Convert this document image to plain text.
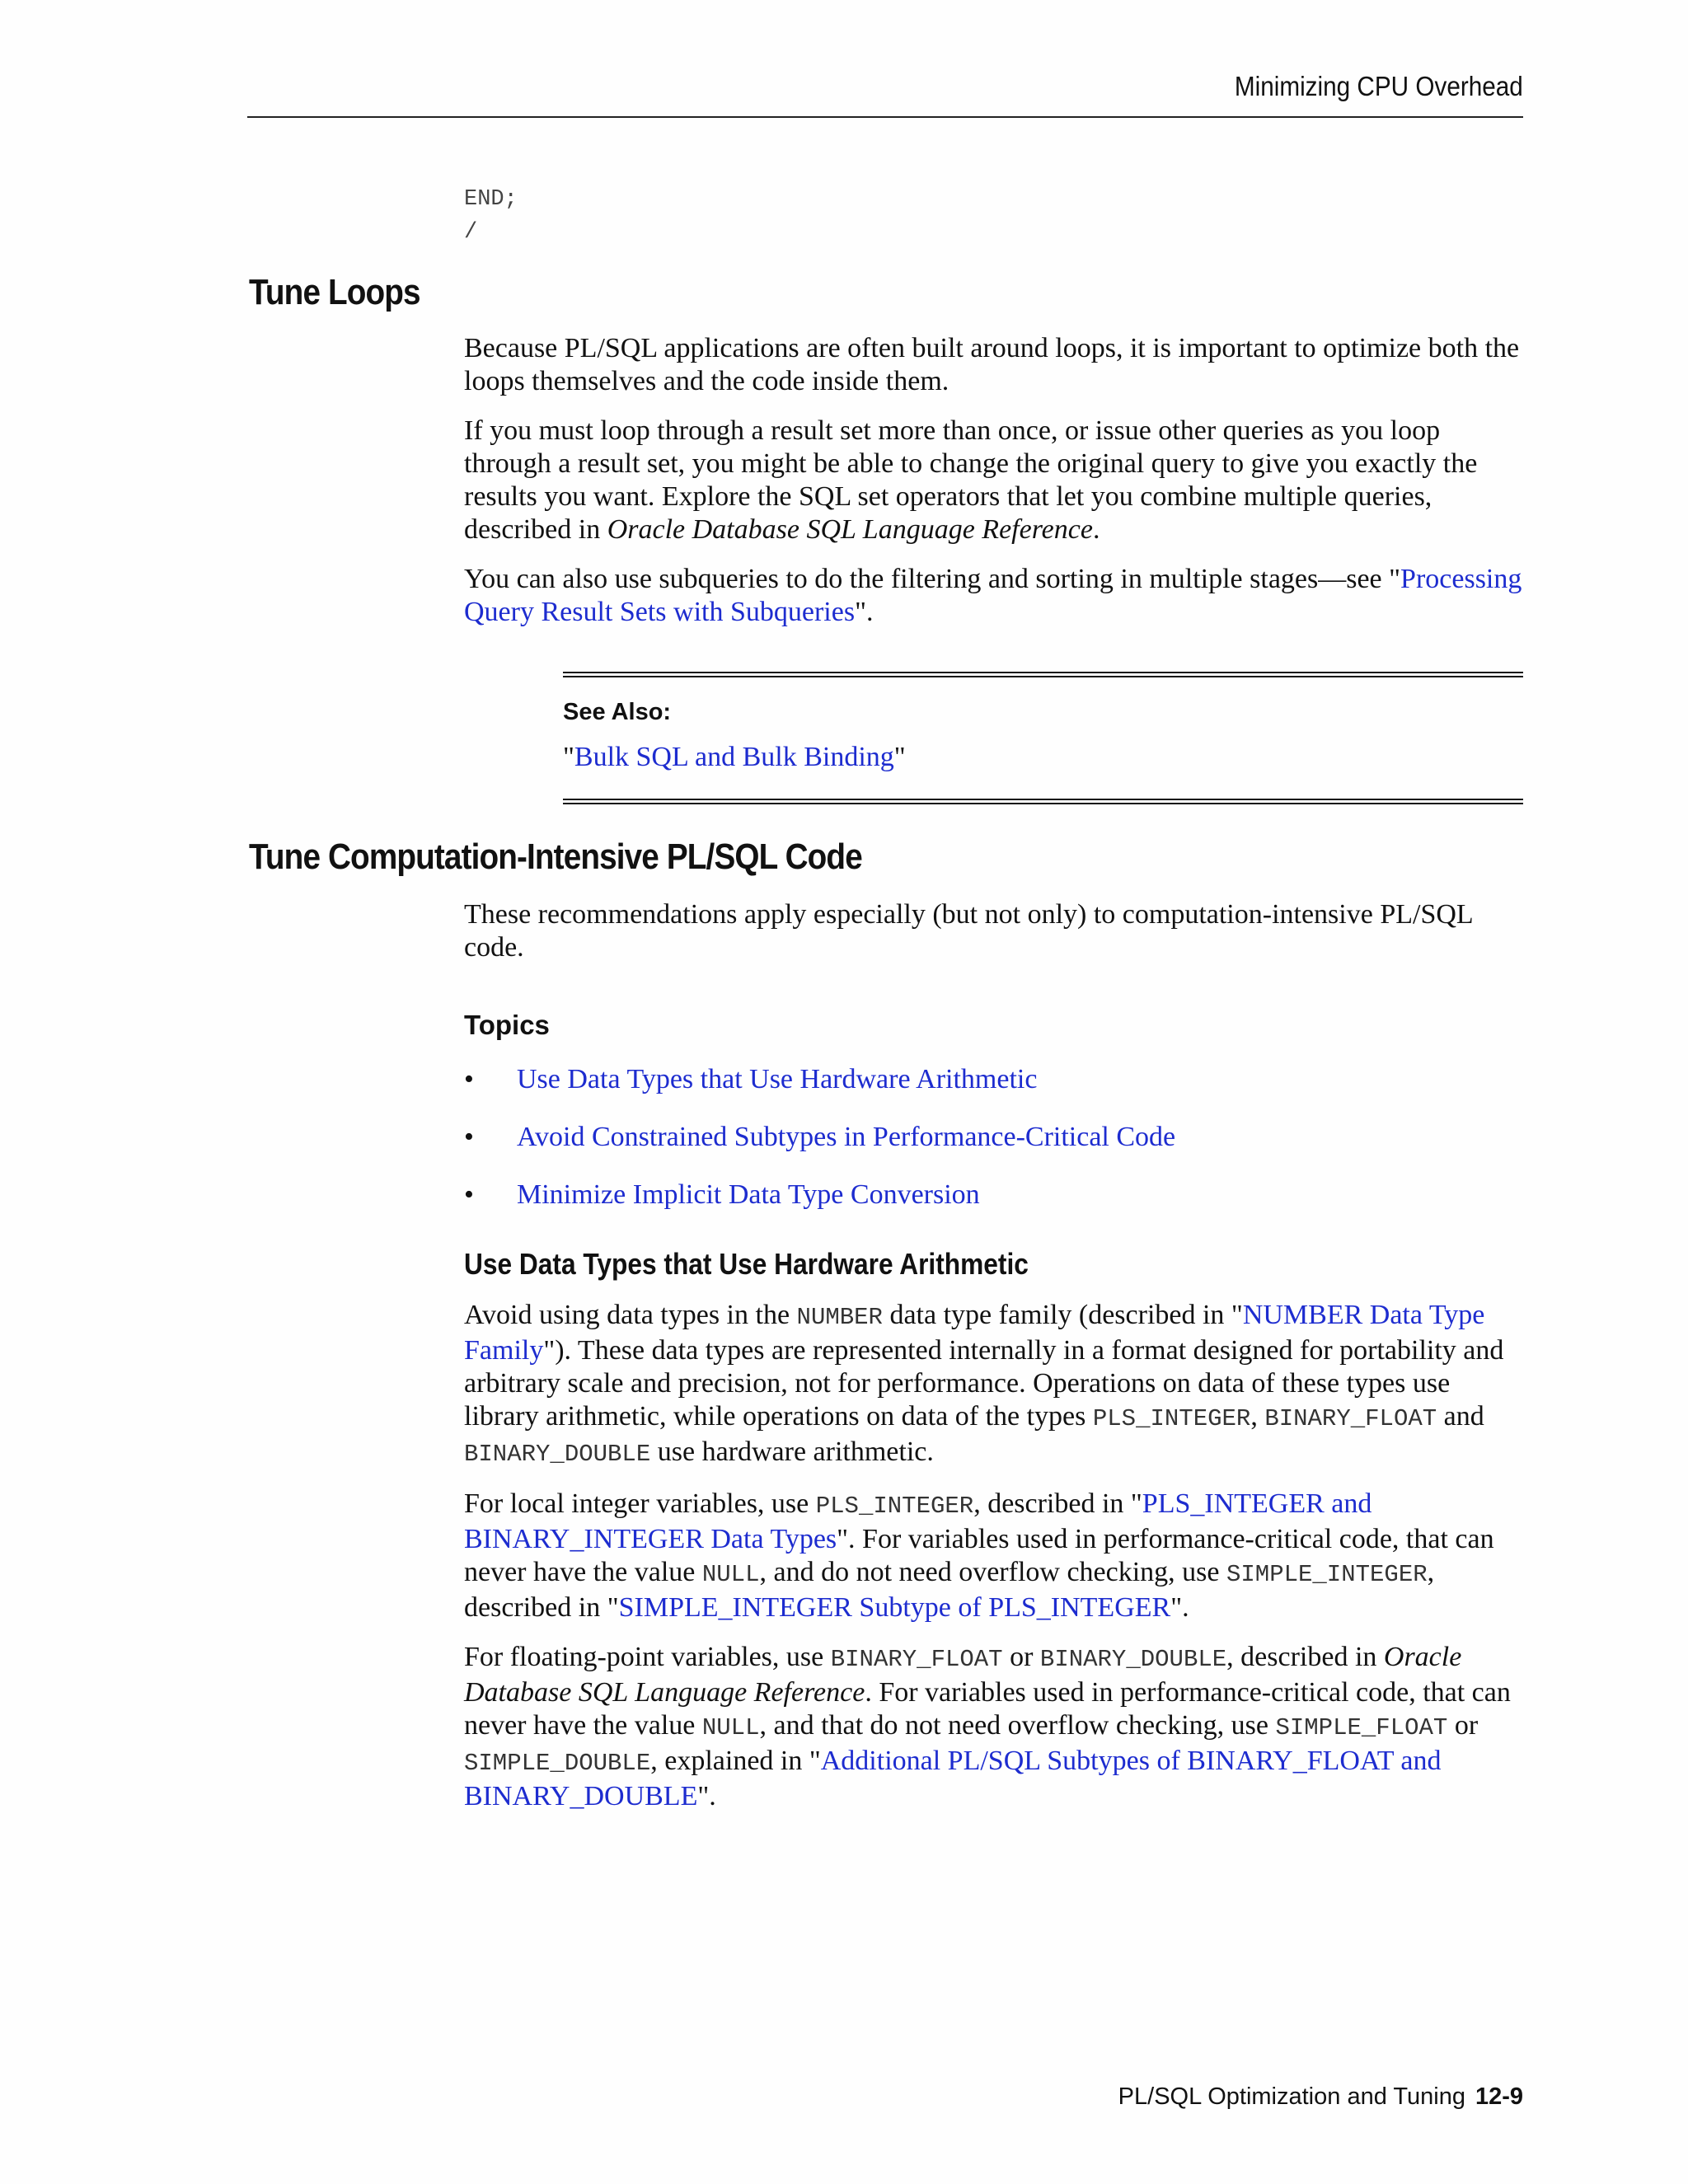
Minimizing CPU Overhead
END;
/
Tune Loops

Because PL/SQL applications are often built around loops, it is important to optimize both the loops themselves and the code inside them.

If you must loop through a result set more than once, or issue other queries as you loop through a result set, you might be able to change the original query to give you exactly the results you want. Explore the SQL set operators that let you combine multiple queries, described in Oracle Database SQL Language Reference.

You can also use subqueries to do the filtering and sorting in multiple stages—see "Processing Query Result Sets with Subqueries".

See Also:
"Bulk SQL and Bulk Binding"
Tune Computation-Intensive PL/SQL Code

These recommendations apply especially (but not only) to computation-intensive PL/SQL code.

Topics
• Use Data Types that Use Hardware Arithmetic
• Avoid Constrained Subtypes in Performance-Critical Code
• Minimize Implicit Data Type Conversion
Use Data Types that Use Hardware Arithmetic

Avoid using data types in the NUMBER data type family (described in "NUMBER Data Type Family"). These data types are represented internally in a format designed for portability and arbitrary scale and precision, not for performance. Operations on data of these types use library arithmetic, while operations on data of the types PLS_INTEGER, BINARY_FLOAT and BINARY_DOUBLE use hardware arithmetic.

For local integer variables, use PLS_INTEGER, described in "PLS_INTEGER and BINARY_INTEGER Data Types". For variables used in performance-critical code, that can never have the value NULL, and do not need overflow checking, use SIMPLE_INTEGER, described in "SIMPLE_INTEGER Subtype of PLS_INTEGER".

For floating-point variables, use BINARY_FLOAT or BINARY_DOUBLE, described in Oracle Database SQL Language Reference. For variables used in performance-critical code, that can never have the value NULL, and that do not need overflow checking, use SIMPLE_FLOAT or SIMPLE_DOUBLE, explained in "Additional PL/SQL Subtypes of BINARY_FLOAT and BINARY_DOUBLE".

PL/SQL Optimization and Tuning 12-9
